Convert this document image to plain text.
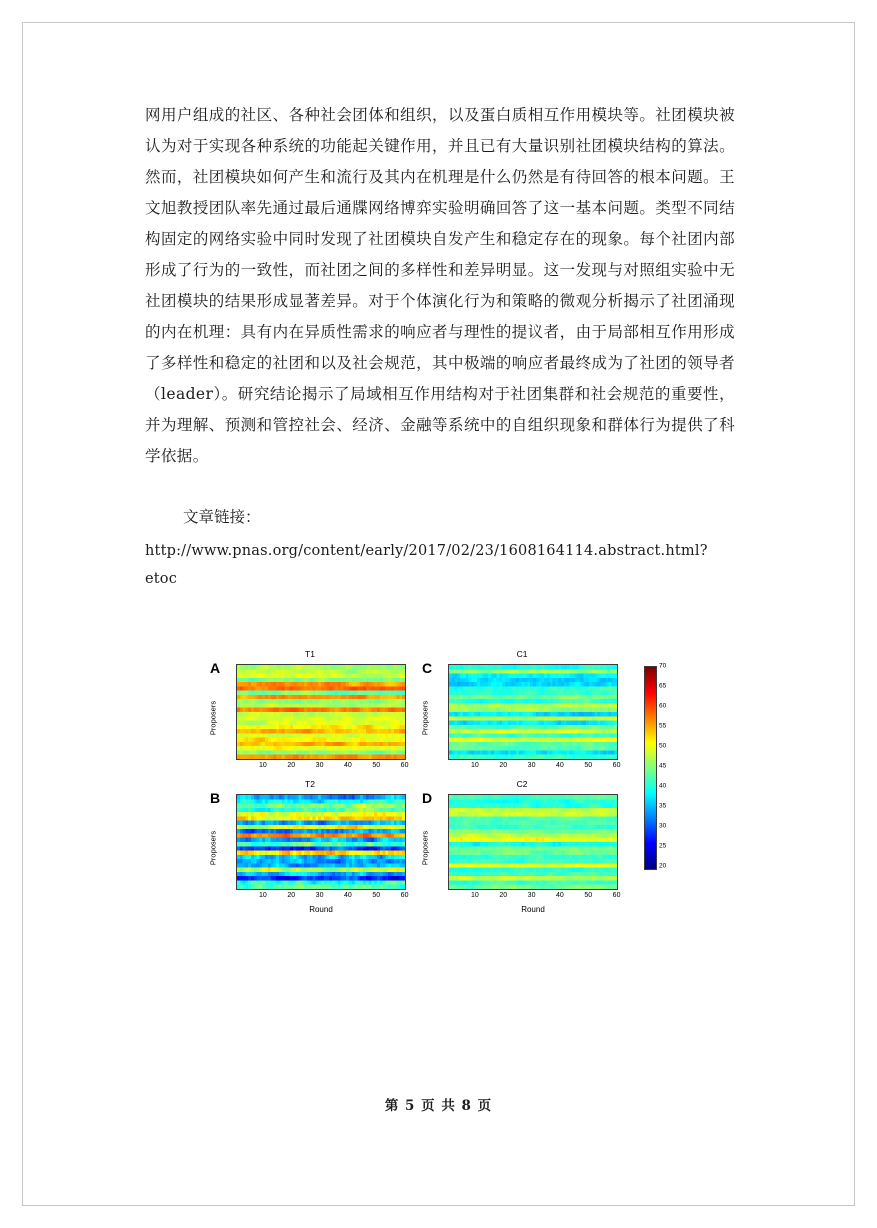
网用户组成的社区、各种社会团体和组织，以及蛋白质相互作用模块等。社团模块被认为对于实现各种系统的功能起关键作用，并且已有大量识别社团模块结构的算法。然而，社团模块如何产生和流行及其内在机理是什么仍然是有待回答的根本问题。王文旭教授团队率先通过最后通牒网络博弈实验明确回答了这一基本问题。类型不同结构固定的网络实验中同时发现了社团模块自发产生和稳定存在的现象。每个社团内部形成了行为的一致性，而社团之间的多样性和差异明显。这一发现与对照组实验中无社团模块的结果形成显著差异。对于个体演化行为和策略的微观分析揭示了社团涌现的内在机理：具有内在异质性需求的响应者与理性的提议者，由于局部相互作用形成了多样性和稳定的社团和以及社会规范，其中极端的响应者最终成为了社团的领导者（leader）。研究结论揭示了局域相互作用结构对于社团集群和社会规范的重要性，并为理解、预测和管控社会、经济、金融等系统中的自组织现象和群体行为提供了科学依据。

文章链接：
http://www.pnas.org/content/early/2017/02/23/1608164114.abstract.html?etoc
A
T1
Proposers
10	20	30	40	50	60
B
T2
Proposers
10	20	30	40	50	60
Round
C
C1
Proposers
10	20	30	40	50	60
D
C2
Proposers
10	20	30	40	50	60
Round
20
25
30
35
40
45
50
55
60
65
70
第 5 页 共 8 页
